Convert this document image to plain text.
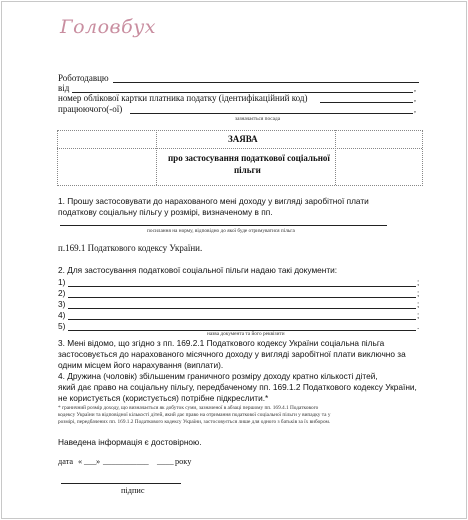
Головбух
Роботодавцю
від	,
номер облікової картки платника податку (ідентифікаційний код)	,
працюючого(-ої)	,
зазначається посада
ЗАЯВА
про застосування податкової соціальної
пільги
1. Прошу застосовувати до нарахованого мені доходу у вигляді заробітної плати
податкову соціальну пільгу у розмірі, визначеному в пп.
посилання на норму, відповідно до якої буде отримуватися пільга
п.169.1 Податкового кодексу України.
2. Для застосування податкової соціальної пільги надаю такі документи:
1)	;
2)	;
3)	;
4)	;
5)	.
назва документа та його реквізити
3. Мені відомо, що згідно з пп. 169.2.1 Податкового кодексу України соціальна пільга
застосовується до нарахованого місячного доходу у вигляді заробітної плати виключно за
одним місцем його нарахування (виплати).
4. Дружина (чоловік) збільшеним граничного розміру доходу кратно кількості дітей,
який дає право на соціальну пільгу, передбаченому пп. 169.1.2 Податкового кодексу України,
не користується (користується) потрібне підкреслити.*
* граничний розмір доходу, що визначається як добуток суми, зазначеної в абзаці першому пп. 169.4.1 Податкового
кодексу України та відповідної кількості дітей, який дає право на отримання податкової соціальної пільги у випадку та у
розмірі, передбачених пп. 169.1.2 Податкового кодексу України, застосовується лише для одного з батьків за їх вибором.
Наведена інформація є достовірною.
дата « ___ » ___________ ____ року
підпис
